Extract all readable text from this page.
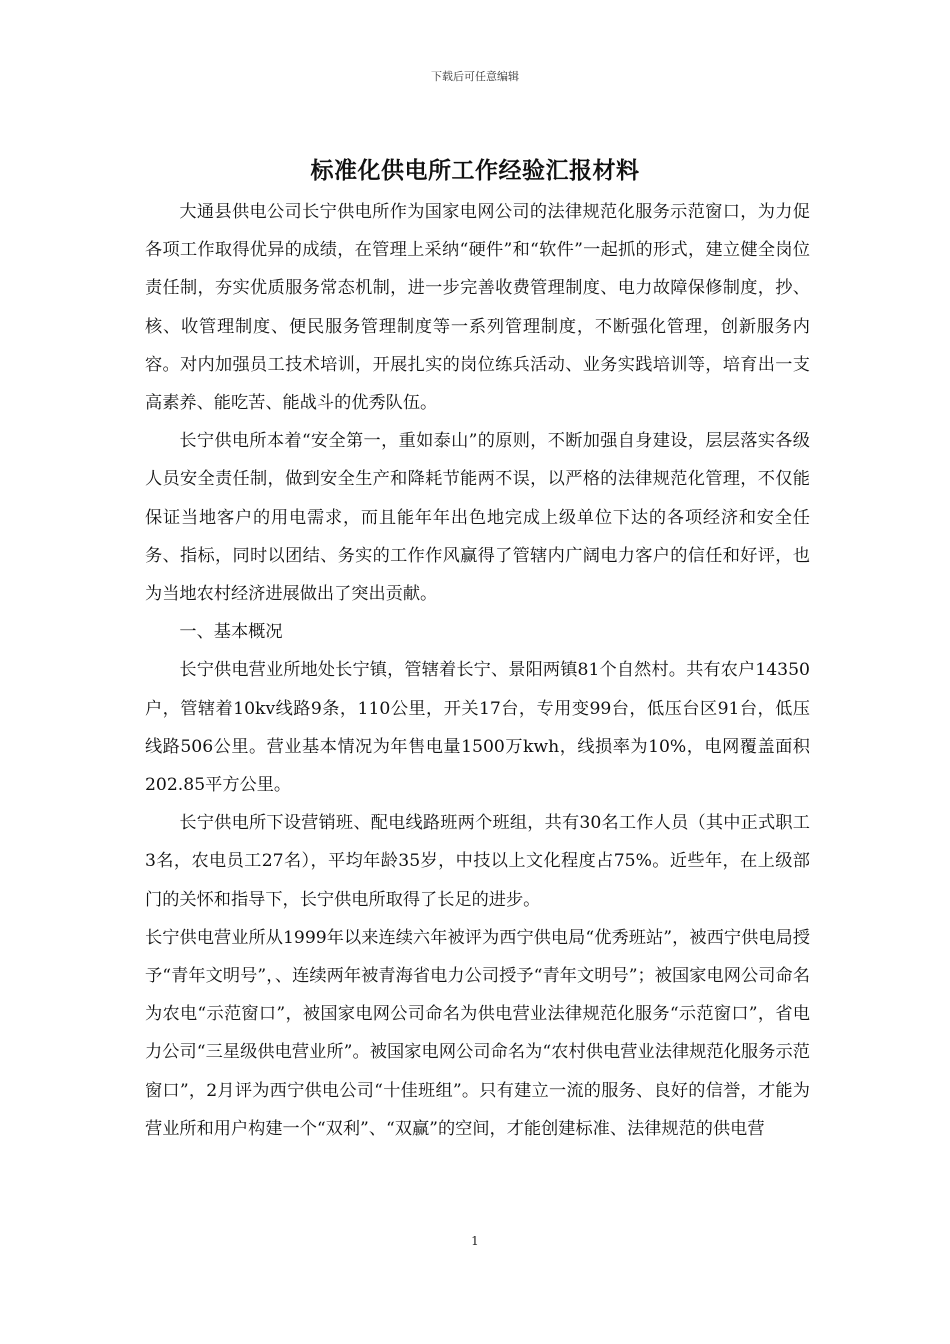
下载后可任意编辑
标准化供电所工作经验汇报材料

大通县供电公司长宁供电所作为国家电网公司的法律规范化服务示范窗口，为力促各项工作取得优异的成绩，在管理上采纳“硬件”和“软件”一起抓的形式，建立健全岗位责任制，夯实优质服务常态机制，进一步完善收费管理制度、电力故障保修制度，抄、核、收管理制度、便民服务管理制度等一系列管理制度，不断强化管理，创新服务内容。对内加强员工技术培训，开展扎实的岗位练兵活动、业务实践培训等，培育出一支高素养、能吃苦、能战斗的优秀队伍。

长宁供电所本着“安全第一，重如泰山”的原则，不断加强自身建设，层层落实各级人员安全责任制，做到安全生产和降耗节能两不误，以严格的法律规范化管理，不仅能保证当地客户的用电需求，而且能年年出色地完成上级单位下达的各项经济和安全任务、指标，同时以团结、务实的工作作风赢得了管辖内广阔电力客户的信任和好评，也为当地农村经济进展做出了突出贡献。

一、基本概况

长宁供电营业所地处长宁镇，管辖着长宁、景阳两镇81个自然村。共有农户14350户，管辖着10kv线路9条，110公里，开关17台，专用变99台，低压台区91台，低压线路506公里。营业基本情况为年售电量1500万kwh，线损率为10%，电网覆盖面积202.85平方公里。

长宁供电所下设营销班、配电线路班两个班组，共有30名工作人员（其中正式职工3名，农电员工27名），平均年龄35岁，中技以上文化程度占75%。近些年，在上级部门的关怀和指导下，长宁供电所取得了长足的进步。

长宁供电营业所从1999年以来连续六年被评为西宁供电局“优秀班站”，被西宁供电局授予“青年文明号”，、连续两年被青海省电力公司授予“青年文明号”；被国家电网公司命名为农电“示范窗口”，被国家电网公司命名为供电营业法律规范化服务“示范窗口”，省电力公司“三星级供电营业所”。被国家电网公司命名为“农村供电营业法律规范化服务示范窗口”，2月评为西宁供电公司“十佳班组”。只有建立一流的服务、良好的信誉，才能为营业所和用户构建一个“双利”、“双赢”的空间，才能创建标准、法律规范的供电营

1
